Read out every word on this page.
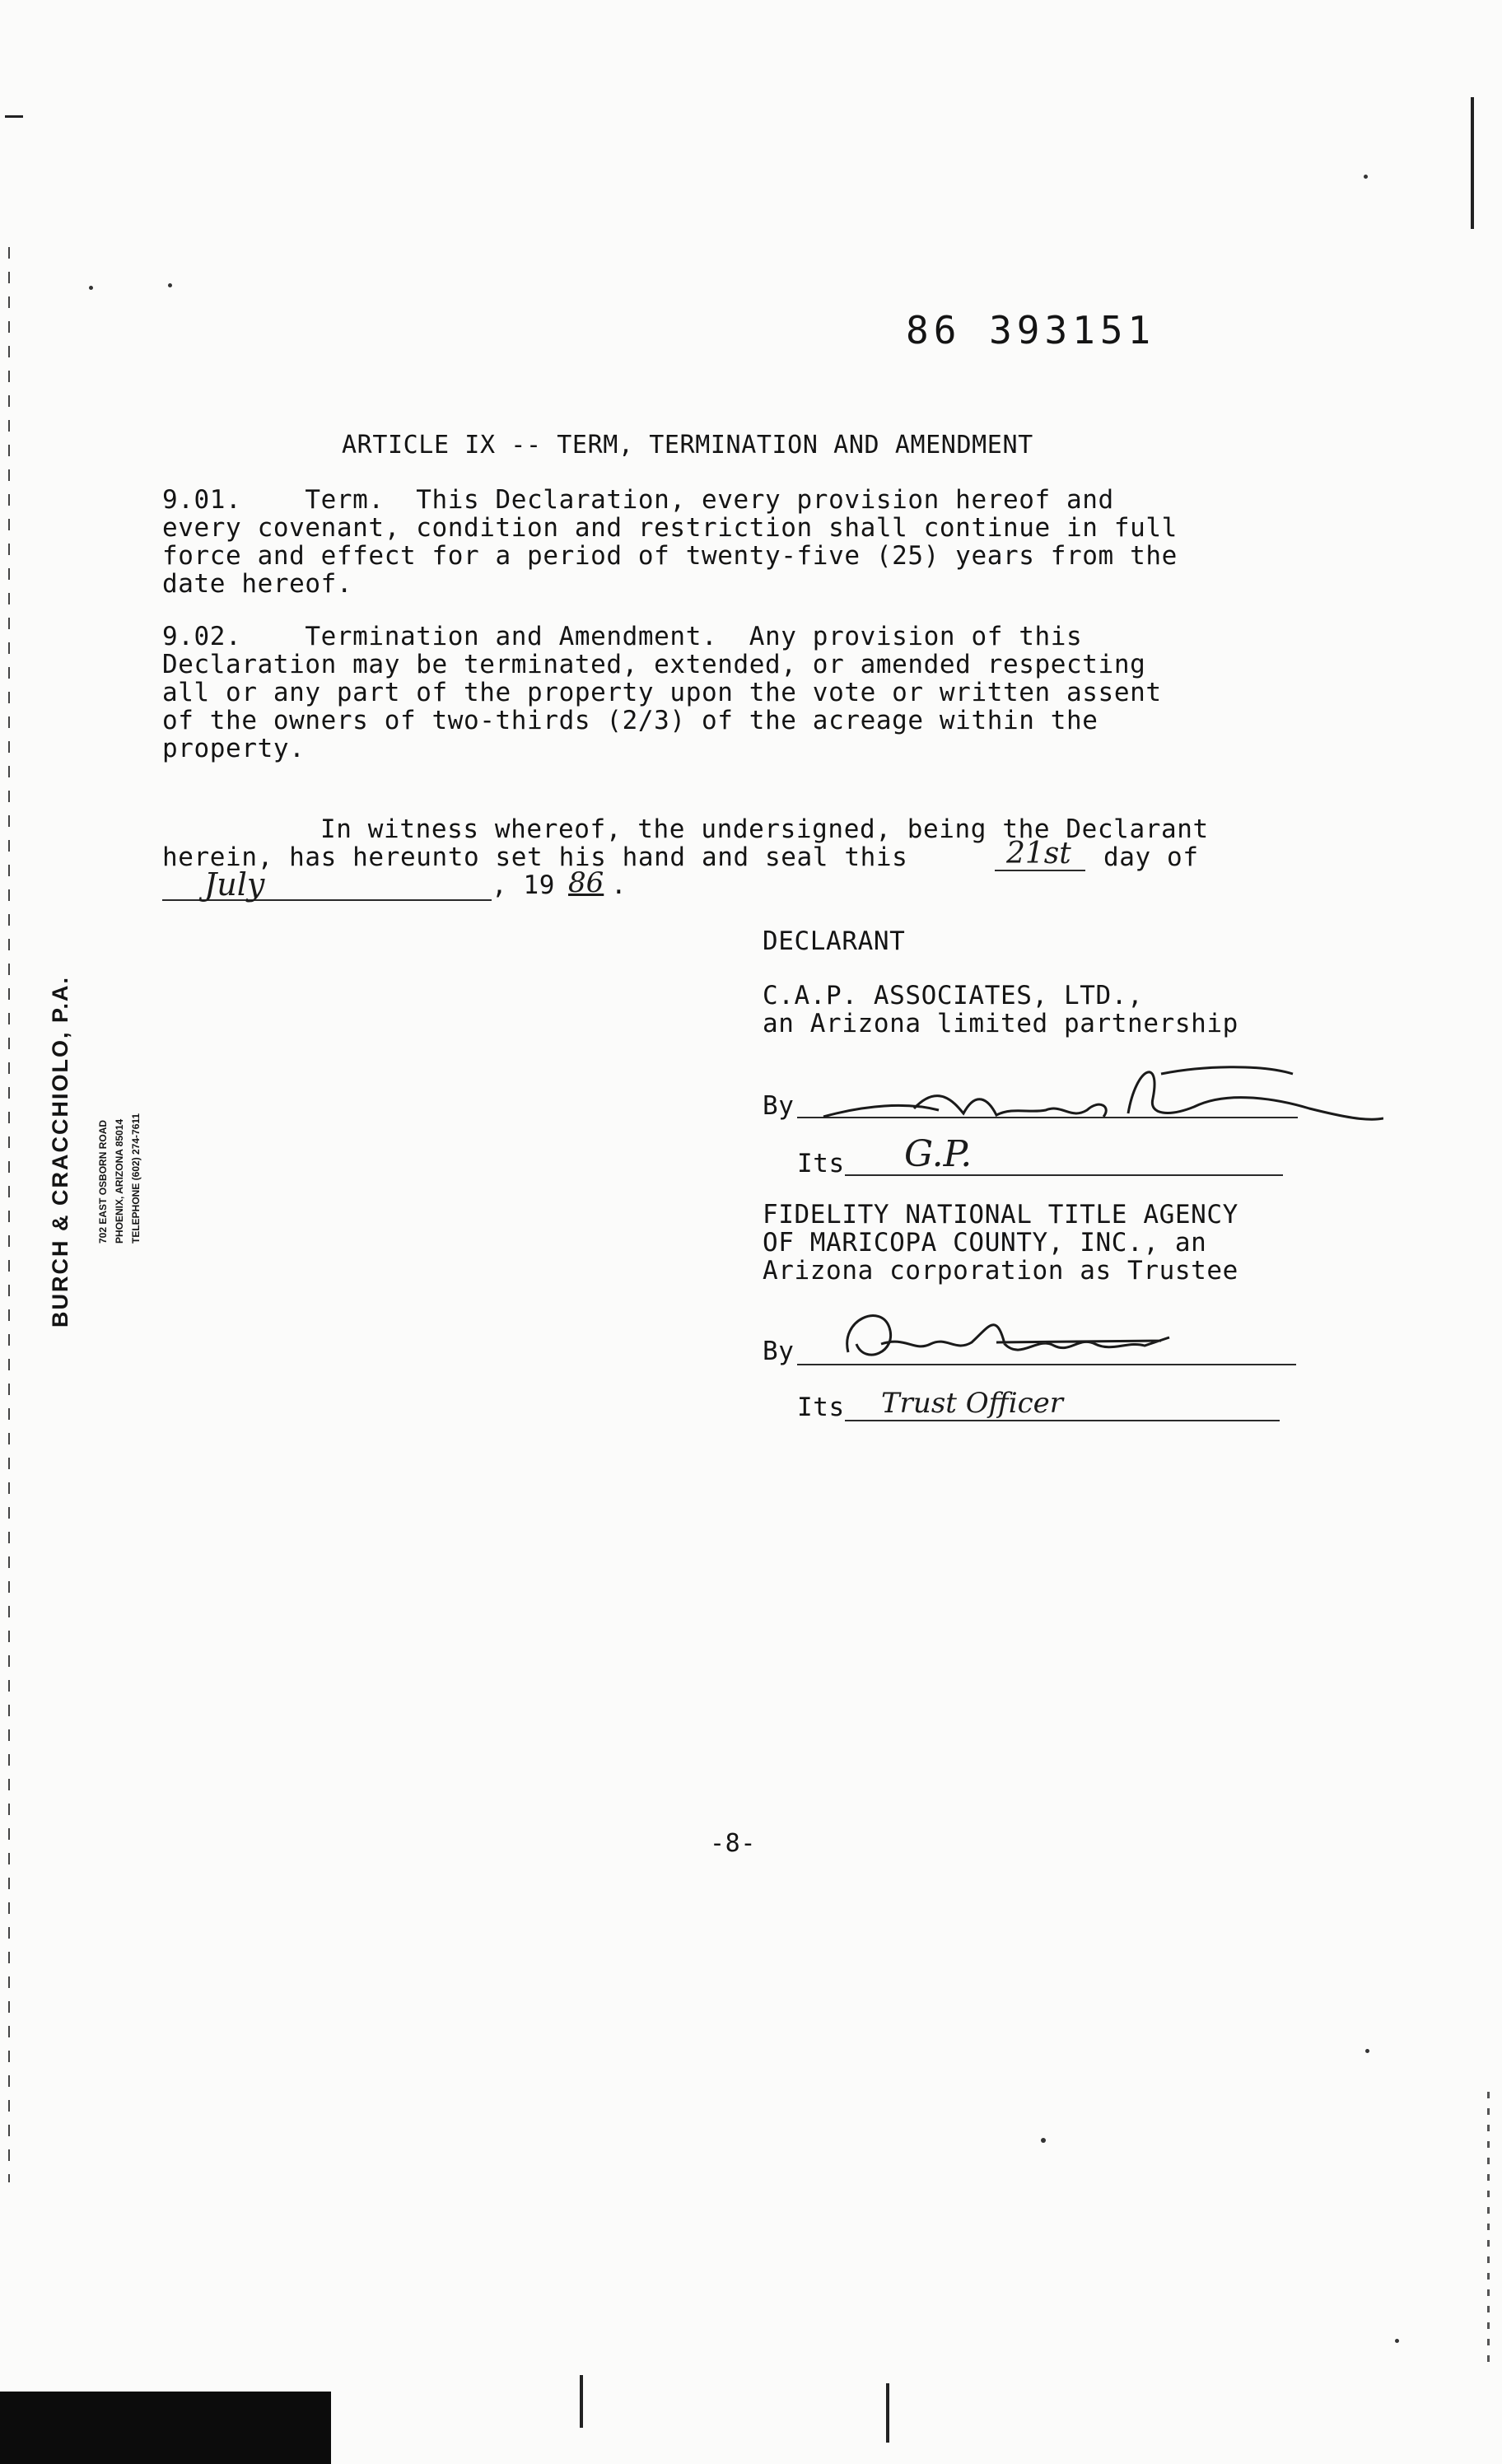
86 393151
ARTICLE IX -- TERM, TERMINATION AND AMENDMENT
9.01.    Term.  This Declaration, every provision hereof and
every covenant, condition and restriction shall continue in full
force and effect for a period of twenty-five (25) years from the
date hereof.
9.02.    Termination and Amendment.  Any provision of this
Declaration may be terminated, extended, or amended respecting
all or any part of the property upon the vote or written assent
of the owners of two-thirds (2/3) of the acreage within the
property.
In witness whereof, the undersigned, being the Declarant
herein, has hereunto set his hand and seal this	21st day of
July	, 19 86 .
DECLARANT
C.A.P. ASSOCIATES, LTD.,
an Arizona limited partnership
By
Its G.P.
FIDELITY NATIONAL TITLE AGENCY
OF MARICOPA COUNTY, INC., an
Arizona corporation as Trustee
By
Its Trust Officer
-8-
BURCH & CRACCHIOLO, P.A.	702 EAST OSBORN ROAD PHOENIX, ARIZONA 85014 TELEPHONE (602) 274-7611
